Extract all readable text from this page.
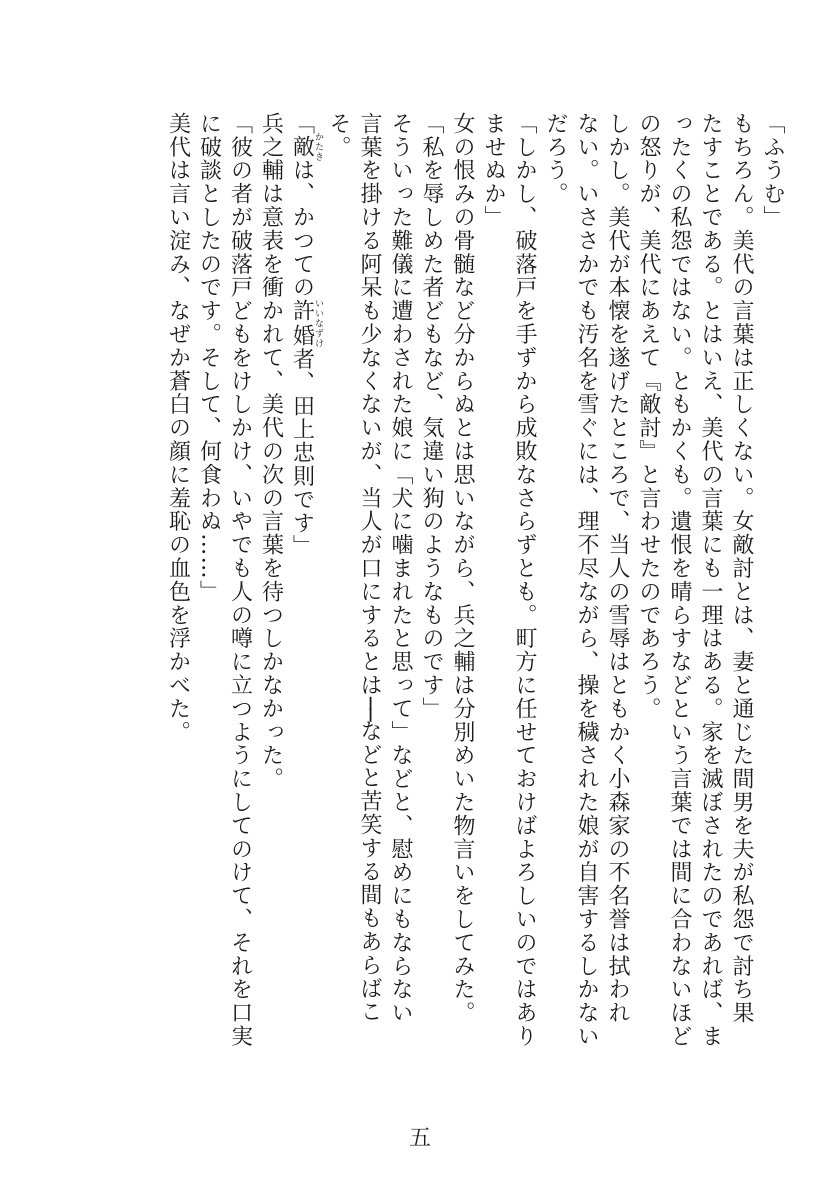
「ふうむ」
もちろん。美代の言葉は正しくない。女敵討とは、妻と通じた間男を夫が私怨で討ち果
たすことである。とはいえ、美代の言葉にも一理はある。家を滅ぼされたのであれば、ま
ったくの私怨ではない。ともかくも。遺恨を晴らすなどという言葉では間に合わないほど
の怒りが、美代にあえて『敵討』と言わせたのであろう。
しかし。美代が本懐を遂げたところで、当人の雪辱はともかく小森家の不名誉は拭われ
ない。いささかでも汚名を雪ぐには、理不尽ながら、操を穢された娘が自害するしかない
だろう。
「しかし、破落戸を手ずから成敗なさらずとも。町方に任せておけばよろしいのではあり
ませぬか」
女の恨みの骨髄など分からぬとは思いながら、兵之輔は分別めいた物言いをしてみた。
「私を辱しめた者どもなど、気違い狗のようなものです」
そういった難儀に遭わされた娘に「犬に噛まれたと思って」などと、慰めにもならない
言葉を掛ける阿呆も少なくないが、当人が口にするとは──などと苦笑する間もあらばこ
そ。
「敵かたきは、かつての許婚いいなずけ者、田上忠則です」
兵之輔は意表を衝かれて、美代の次の言葉を待つしかなかった。
「彼の者が破落戸どもをけしかけ、いやでも人の噂に立つようにしてのけて、それを口実
に破談としたのです。そして、何食わぬ……」
美代は言い淀み、なぜか蒼白の顔に羞恥の血色を浮かべた。
五
